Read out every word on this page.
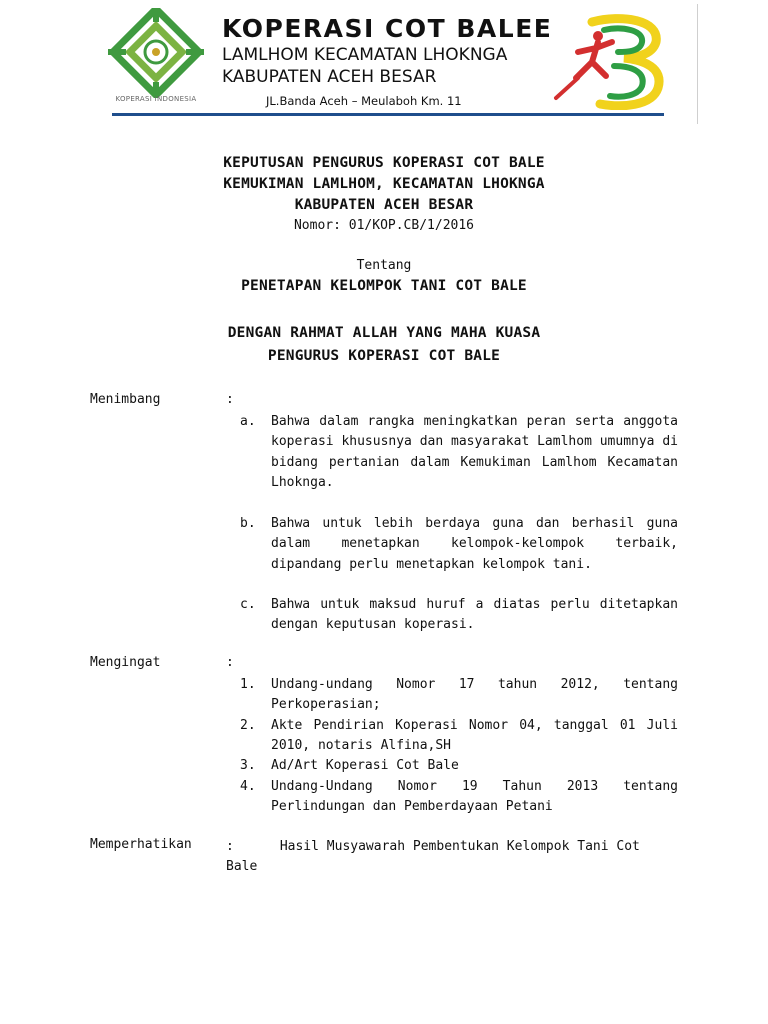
KOPERASI INDONESIA
KOPERASI COT BALEE
LAMLHOM KECAMATAN LHOKNGA
KABUPATEN ACEH BESAR
JL.Banda Aceh – Meulaboh Km. 11
KEPUTUSAN PENGURUS KOPERASI COT BALE
KEMUKIMAN LAMLHOM, KECAMATAN LHOKNGA
KABUPATEN ACEH BESAR
Nomor: 01/KOP.CB/1/2016
Tentang
PENETAPAN KELOMPOK TANI COT BALE
DENGAN RAHMAT ALLAH YANG MAHA KUASA
PENGURUS KOPERASI COT BALE
Menimbang	:
a.	Bahwa dalam rangka meningkatkan peran serta anggota koperasi khususnya dan masyarakat Lamlhom umumnya di bidang pertanian dalam Kemukiman Lamlhom Kecamatan Lhoknga.
b.	Bahwa untuk lebih berdaya guna dan berhasil guna dalam menetapkan kelompok-kelompok terbaik, dipandang perlu menetapkan kelompok tani.
c.	Bahwa untuk maksud huruf a diatas perlu ditetapkan dengan keputusan koperasi.
Mengingat	:
1.	Undang-undang Nomor 17 tahun 2012, tentang Perkoperasian;
2.	Akte Pendirian Koperasi Nomor 04, tanggal 01 Juli 2010, notaris Alfina,SH
3.	Ad/Art Koperasi Cot Bale
4.	Undang-Undang Nomor 19 Tahun 2013 tentang Perlindungan dan Pemberdayaan Petani
Memperhatikan	:	Hasil Musyawarah Pembentukan Kelompok Tani Cot Bale
